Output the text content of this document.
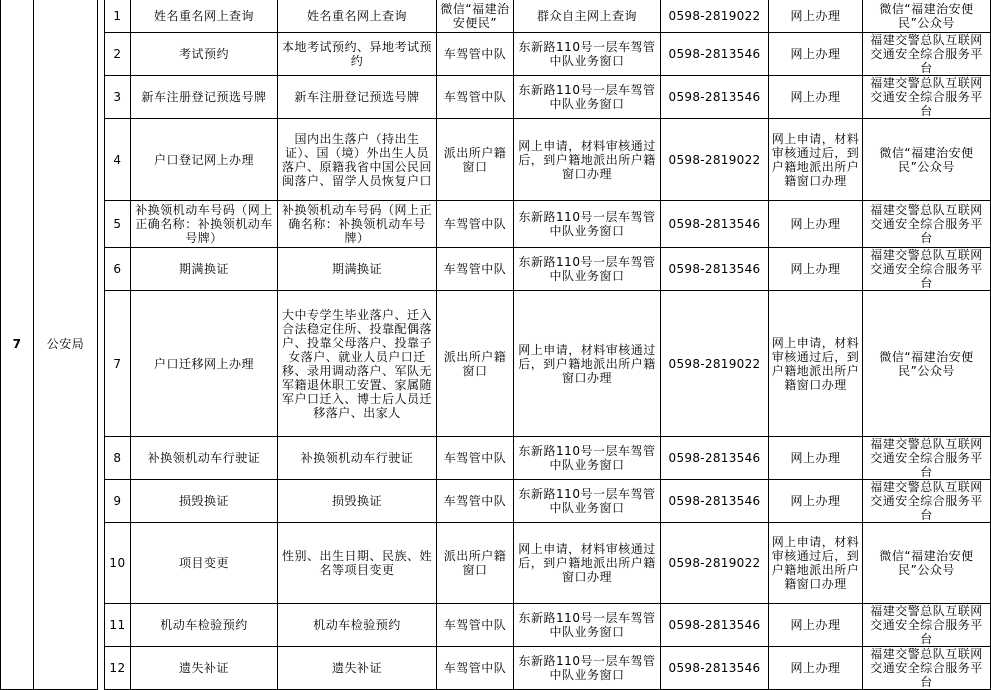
7	公安局		1	姓名重名网上查询	姓名重名网上查询	微信“福建治安便民”	群众自主网上查询	0598-2819022	网上办理	微信“福建治安便民”公众号
			2	考试预约	本地考试预约、异地考试预约	车驾管中队	东新路110号一层车驾管中队业务窗口	0598-2813546	网上办理	福建交警总队互联网交通安全综合服务平台
			3	新车注册登记预选号牌	新车注册登记预选号牌	车驾管中队	东新路110号一层车驾管中队业务窗口	0598-2813546	网上办理	福建交警总队互联网交通安全综合服务平台
			4	户口登记网上办理	国内出生落户（持出生证）、国（境）外出生人员落户、原籍我省中国公民回闽落户、留学人员恢复户口	派出所户籍窗口	网上申请，材料审核通过后，到户籍地派出所户籍窗口办理	0598-2819022	网上申请，材料审核通过后，到户籍地派出所户籍窗口办理	微信“福建治安便民”公众号
			5	补换领机动车号码（网上正确名称：补换领机动车号牌）	补换领机动车号码（网上正确名称：补换领机动车号牌）	车驾管中队	东新路110号一层车驾管中队业务窗口	0598-2813546	网上办理	福建交警总队互联网交通安全综合服务平台
			6	期满换证	期满换证	车驾管中队	东新路110号一层车驾管中队业务窗口	0598-2813546	网上办理	福建交警总队互联网交通安全综合服务平台
			7	户口迁移网上办理	大中专学生毕业落户、迁入合法稳定住所、投靠配偶落户、投靠父母落户、投靠子女落户、就业人员户口迁移、录用调动落户、军队无军籍退休职工安置、家属随军户口迁入、博士后人员迁移落户、出家人	派出所户籍窗口	网上申请，材料审核通过后，到户籍地派出所户籍窗口办理	0598-2819022	网上申请，材料审核通过后，到户籍地派出所户籍窗口办理	微信“福建治安便民”公众号
			8	补换领机动车行驶证	补换领机动车行驶证	车驾管中队	东新路110号一层车驾管中队业务窗口	0598-2813546	网上办理	福建交警总队互联网交通安全综合服务平台
			9	损毁换证	损毁换证	车驾管中队	东新路110号一层车驾管中队业务窗口	0598-2813546	网上办理	福建交警总队互联网交通安全综合服务平台
			10	项目变更	性别、出生日期、民族、姓名等项目变更	派出所户籍窗口	网上申请，材料审核通过后，到户籍地派出所户籍窗口办理	0598-2819022	网上申请，材料审核通过后，到户籍地派出所户籍窗口办理	微信“福建治安便民”公众号
			11	机动车检验预约	机动车检验预约	车驾管中队	东新路110号一层车驾管中队业务窗口	0598-2813546	网上办理	福建交警总队互联网交通安全综合服务平台
			12	遗失补证	遗失补证	车驾管中队	东新路110号一层车驾管中队业务窗口	0598-2813546	网上办理	福建交警总队互联网交通安全综合服务平台
